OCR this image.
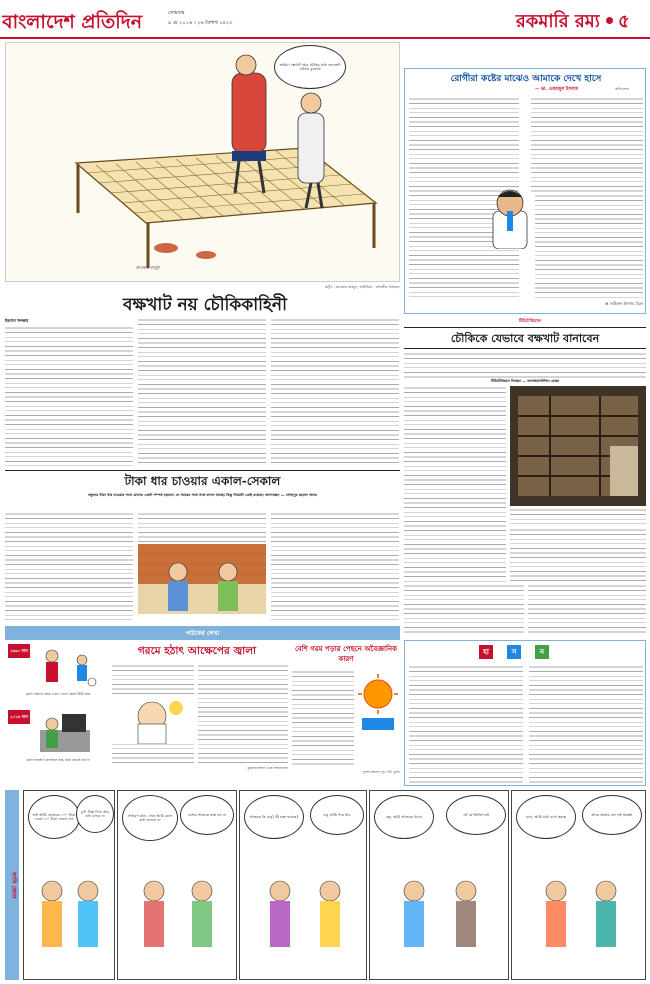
বাংলাদেশ প্রতিদিন	সোমবার
৯ মে ২০১৬ । ২৬ বৈশাখ ১৪২৩	রকমারি রম্য ৫
ভাইয়া! বক্ষখাট আর চৌকির মধ্যে তফাতটা এইবার বুঝলাম
কাওছার মাহমুদ
কার্টুন : কাওছার মাহমুদ, আইডিয়া : তানভীর আহমেদ
বক্ষখাট নয় চৌকিকাহিনী
ইকবাল খন্দকার
রোগীরা কষ্টের মাঝেও আমাকে দেখে হাসে
— ডা. এজাজুল ইসলাম	অভিনেতা
⊕ তাহিরুল ইসলাম মিরন
টিউটোরিয়াল
চৌকিকে যেভাবে বক্ষখাট বানাবেন
টিউটোরিয়াল দিচ্ছেন — বালাম্বহানউদ্দিন মোল্লা
টাকা ধার চাওয়ার একাল-সেকাল
বন্ধুদের টাকা ধার চাওয়ার সঙ্গে মোদের একটা সম্পর্ক হয়তো। যে সময়ের সঙ্গে সঙ্গে বদলে যাচ্ছে। কিন্তু নিয়মটা একই রয়েছে। জানাচ্ছেন — সোহানুর রহমান অনন্ত
পাঠকের লেখা
১৯৯০ সাল
ছেলে সারাদিন মাঠে খেলে। দেখো কেমন টইটই করে
২০১৬ সাল
ছেলে সারাদিন মোবাইলে ব্যস্ত, মাঠে যেতেই চায় না
গরমে হঠাৎ আক্ষেপের জ্বালা
মুন্তাসির আসাদ, ঢাকা বিশ্ববিদ্যালয়
বেশি গরম পড়ার পেছনে অবৈজ্ঞানিক কারণ
পুলিশ রাইফেল পুর পেটি, খুলনা
হা	স	ন
ফানি জোন
ভাই আমি তোমাকে ১০০ টাকা দেবো। ২০ টাকা ফেরত দাও
চুপ! টাকা দিয়ে আর কথা বলবে না	সাধারণ কথা, এখন আমি কোন কথা শুনবো না
বাসায় আজকে রান্না হয় না	আজকে কি মেনু? কী রান্না হয়েছে?	বাবু আমি পরে খাব	বন্ধু, আমি আজকে খাবো	এই যে জিনিস চাই	বাবা, আমি মাথা ব্যথা করছে	আরে আমার তো এই অবস্থা!
